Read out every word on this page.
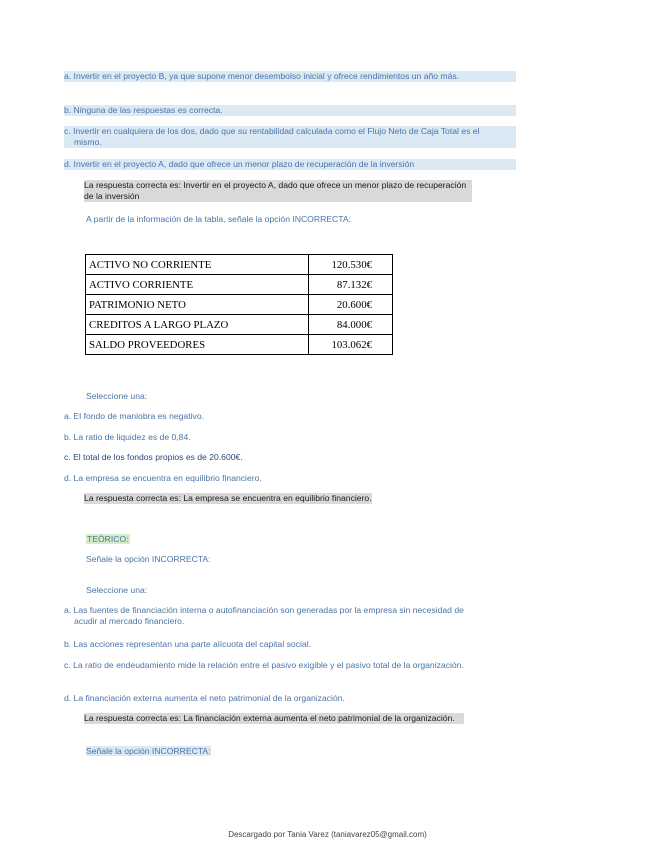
a. Invertir en el proyecto B, ya que supone menor desembolso inicial y ofrece rendimientos un año más.
b. Ninguna de las respuestas es correcta.
c. Invertir en cualquiera de los dos, dado que su rentabilidad calculada como el Flujo Neto de Caja Total es el mismo.
d. Invertir en el proyecto A, dado que ofrece un menor plazo de recuperación de la inversión
La respuesta correcta es: Invertir en el proyecto A, dado que ofrece un menor plazo de recuperación de la inversión
A partir de la información de la tabla, señale la opción INCORRECTA:
ACTIVO NO CORRIENTE	120.530€
ACTIVO CORRIENTE	87.132€
PATRIMONIO NETO	20.600€
CREDITOS A LARGO PLAZO	84.000€
SALDO PROVEEDORES	103.062€
Seleccione una:
a. El fondo de maniobra es negativo.
b. La ratio de liquidez es de 0,84.
c. El total de los fondos propios es de 20.600€.
d. La empresa se encuentra en equilibrio financiero.
La respuesta correcta es: La empresa se encuentra en equilibrio financiero.
TEÓRICO:
Señale la opción INCORRECTA:
Seleccione una:
a. Las fuentes de financiación interna o autofinanciación son generadas por la empresa sin necesidad de acudir al mercado financiero.
b. Las acciones representan una parte alícuota del capital social.
c. La ratio de endeudamiento mide la relación entre el pasivo exigible y el pasivo total de la organización.
d. La financiación externa aumenta el neto patrimonial de la organización.
La respuesta correcta es: La financiación externa aumenta el neto patrimonial de la organización.
Señale la opción INCORRECTA:
Descargado por Tania Varez (taniavarez05@gmail.com)
